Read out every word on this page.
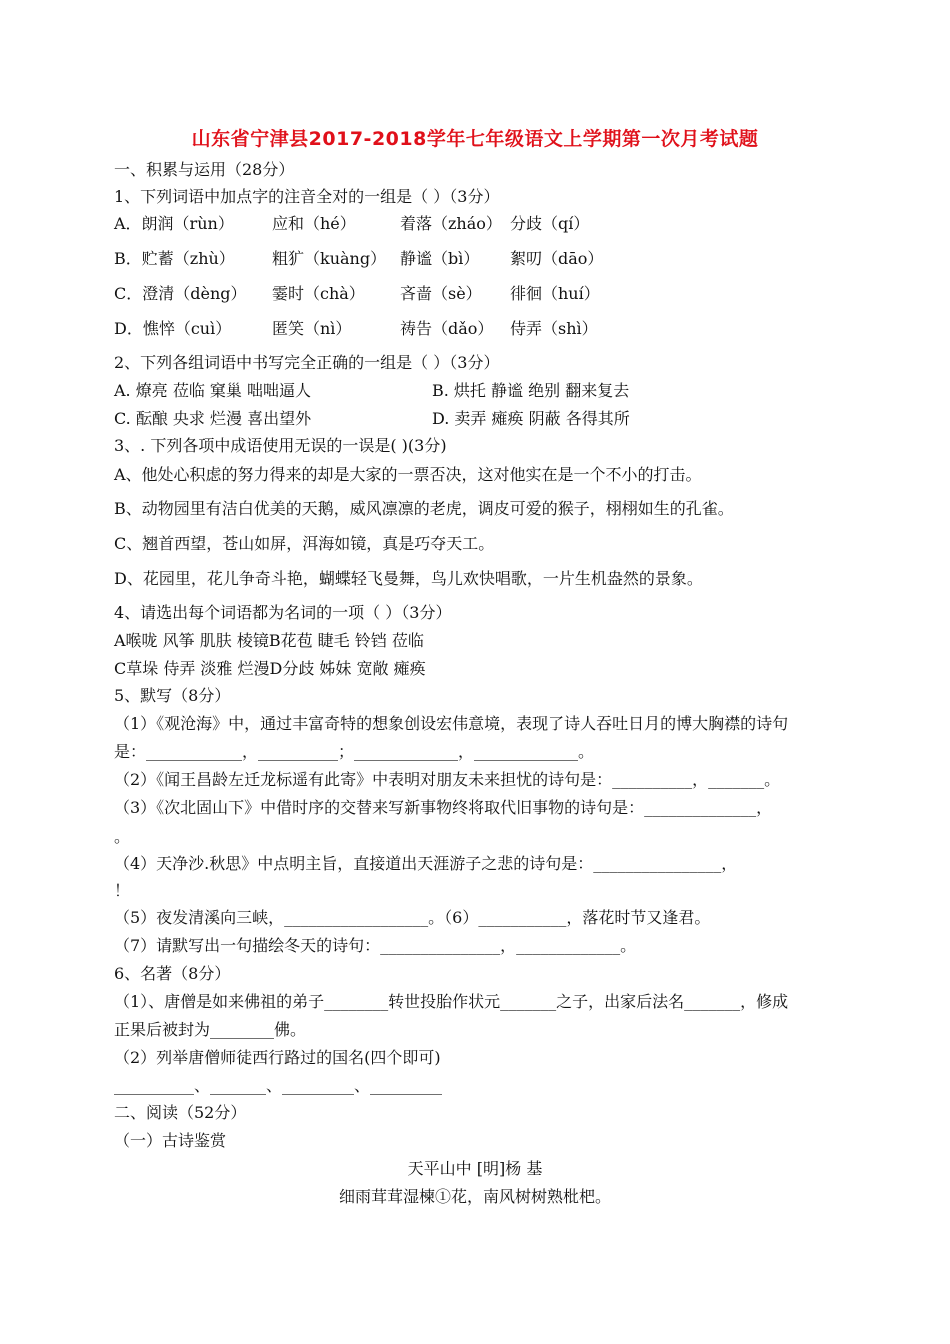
山东省宁津县2017-2018学年七年级语文上学期第一次月考试题
一、积累与运用（28分）
1、下列词语中加点字的注音全对的一组是（ ）（3分）
A．朗润（rùn） 应和（hé）	着落（zháo） 分歧（qí）
B．贮蓄（zhù） 粗犷（kuàng） 静谧（bì） 絮叨（dāo）
C．澄清（dèng） 霎时（chà） 吝啬（sè） 徘徊（huí）
D．憔悴（cuì）	匿笑（nì）	祷告（dǎo） 侍弄（shì）
2、下列各组词语中书写完全正确的一组是（ ）（3分）
A. 燎亮 莅临 窠巢 咄咄逼人	B. 烘托 静谧 绝别 翻来复去
C. 酝酿 央求 烂漫 喜出望外	D. 卖弄 瘫痪 阴蔽 各得其所
3、. 下列各项中成语使用无误的一误是( )(3分)
A、他处心积虑的努力得来的却是大家的一票否决，这对他实在是一个不小的打击。
B、动物园里有洁白优美的天鹅，威风凛凛的老虎，调皮可爱的猴子，栩栩如生的孔雀。
C、翘首西望，苍山如屏，洱海如镜，真是巧夺天工。
D、花园里，花儿争奇斗艳，蝴蝶轻飞曼舞，鸟儿欢快唱歌，一片生机盎然的景象。
4、请选出每个词语都为名词的一项（ ）（3分）
A喉咙 风筝 肌肤 棱镜B花苞 睫毛 铃铛 莅临
C草垛 侍弄 淡雅 烂漫D分歧 姊妹 宽敞 瘫痪
5、默写（8分）
（1）《观沧海》中，通过丰富奇特的想象创设宏伟意境，表现了诗人吞吐日月的博大胸襟的诗句
是：____________，__________；_____________，_____________。
（2）《闻王昌龄左迁龙标遥有此寄》中表明对朋友未来担忧的诗句是：__________，_______。
（3）《次北固山下》中借时序的交替来写新事物终将取代旧事物的诗句是：______________，
。
（4）天净沙.秋思》中点明主旨，直接道出天涯游子之悲的诗句是：________________，
！
（5）夜发清溪向三峡，__________________。（6）___________，落花时节又逢君。
（7）请默写出一句描绘冬天的诗句：_______________，_____________。
6、名著（8分）
（1）、唐僧是如来佛祖的弟子________转世投胎作状元_______之子，出家后法名_______，修成
正果后被封为________佛。
（2）列举唐僧师徒西行路过的国名(四个即可)
__________、_______、_________、_________
二、阅读（52分）
（一）古诗鉴赏
天平山中 [明]杨 基
细雨茸茸湿楝①花，南风树树熟枇杷。
